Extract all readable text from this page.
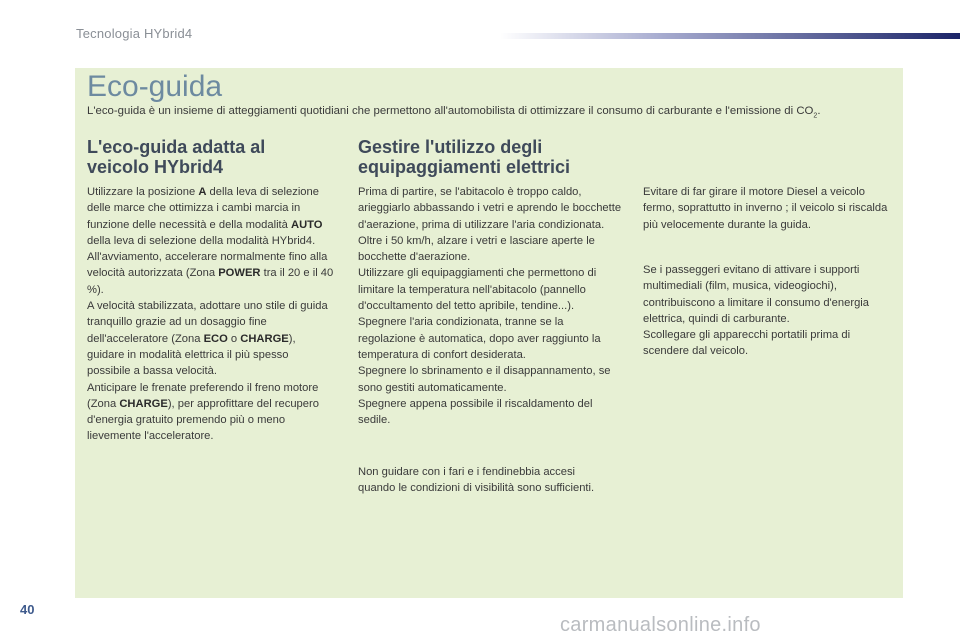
Tecnologia HYbrid4
Eco-guida
L'eco-guida è un insieme di atteggiamenti quotidiani che permettono all'automobilista di ottimizzare il consumo di carburante e l'emissione di $CO_2$.
L'eco-guida adatta al
veicolo HYbrid4
Utilizzare la posizione A della leva di selezione delle marce che ottimizza i cambi marcia in funzione delle necessità e della modalità AUTO della leva di selezione della modalità HYbrid4.
All'avviamento, accelerare normalmente fino alla velocità autorizzata (Zona POWER tra il 20 e il 40 %).
A velocità stabilizzata, adottare uno stile di guida tranquillo grazie ad un dosaggio fine dell'acceleratore (Zona ECO o CHARGE), guidare in modalità elettrica il più spesso possibile a bassa velocità.
Anticipare le frenate preferendo il freno motore (Zona CHARGE), per approfittare del recupero d'energia gratuito premendo più o meno lievemente l'acceleratore.
Gestire l'utilizzo degli
equipaggiamenti elettrici
Prima di partire, se l'abitacolo è troppo caldo, arieggiarlo abbassando i vetri e aprendo le bocchette d'aerazione, prima di utilizzare l'aria condizionata.
Oltre i 50 km/h, alzare i vetri e lasciare aperte le bocchette d'aerazione.
Utilizzare gli equipaggiamenti che permettono di limitare la temperatura nell'abitacolo (pannello d'occultamento del tetto apribile, tendine...).
Spegnere l'aria condizionata, tranne se la regolazione è automatica, dopo aver raggiunto la temperatura di confort desiderata.
Spegnere lo sbrinamento e il disappannamento, se sono gestiti automaticamente.
Spegnere appena possibile il riscaldamento del sedile.
Non guidare con i fari e i fendinebbia accesi quando le condizioni di visibilità sono sufficienti.
Evitare di far girare il motore Diesel a veicolo fermo, soprattutto in inverno ; il veicolo si riscalda più velocemente durante la guida.
Se i passeggeri evitano di attivare i supporti multimediali (film, musica, videogiochi), contribuiscono a limitare il consumo d'energia elettrica, quindi di carburante.
Scollegare gli apparecchi portatili prima di scendere dal veicolo.
40
carmanualsonline.info
